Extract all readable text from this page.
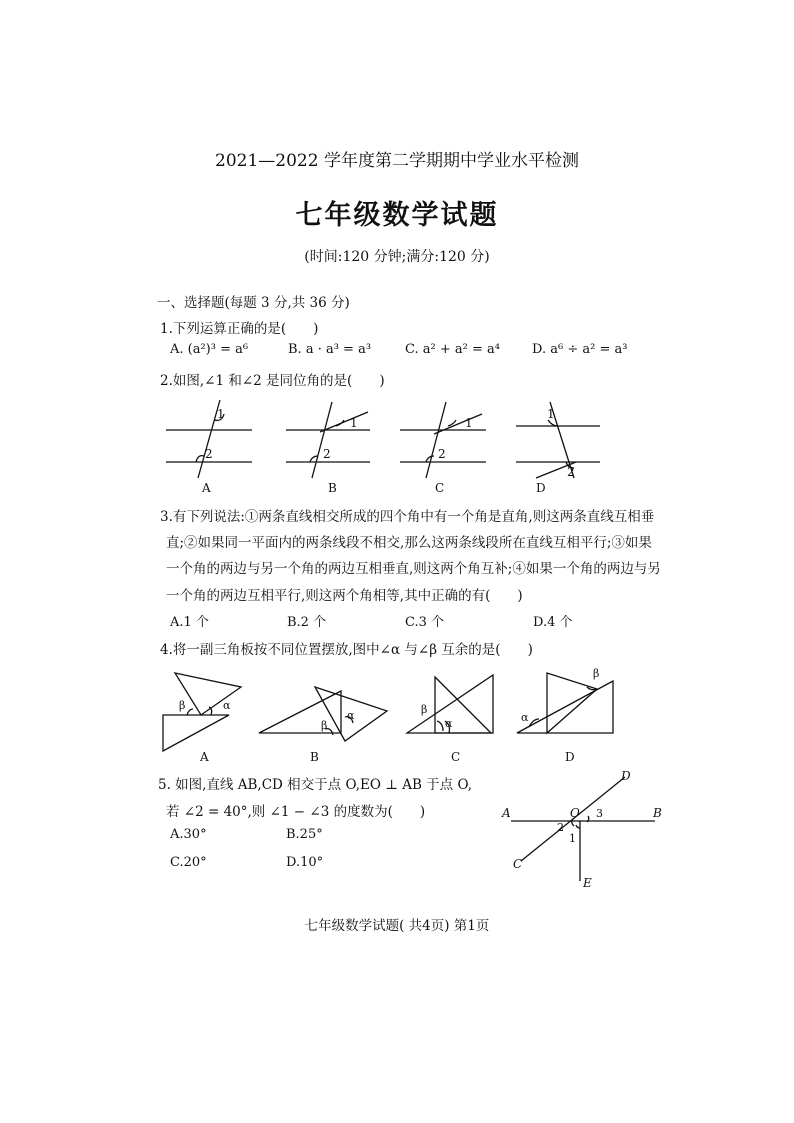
2021—2022 学年度第二学期期中学业水平检测
七年级数学试题
(时间:120 分钟;满分:120 分)
一、选择题(每题 3 分,共 36 分)
1.下列运算正确的是(　　)
A. (a²)³ = a⁶	B. a · a³ = a³	C. a² + a² = a⁴ D. a⁶ ÷ a² = a³
2.如图,∠1 和∠2 是同位角的是(　　)
1
2
1
2
1
2
1
2
A	B	C	D
3.有下列说法:①两条直线相交所成的四个角中有一个角是直角,则这两条直线互相垂
直;②如果同一平面内的两条线段不相交,那么这两条线段所在直线互相平行;③如果
一个角的两边与另一个角的两边互相垂直,则这两个角互补;④如果一个角的两边与另
一个角的两边互相平行,则这两个角相等,其中正确的有(　　)
A.1 个	B.2 个	C.3 个	D.4 个
4.将一副三角板按不同位置摆放,图中∠α 与∠β 互余的是(　　)
β	α
β
α	β
α	α
β
A	B	C	D
5. 如图,直线 AB,CD 相交于点 O,EO ⊥ AB 于点 O,
若 ∠2 = 40°,则 ∠1 − ∠3 的度数为(　　)
A.30°	B.25°
C.20°	D.10°
A	B
C
D
E
O
2
1
3
七年级数学试题( 共4页) 第1页
